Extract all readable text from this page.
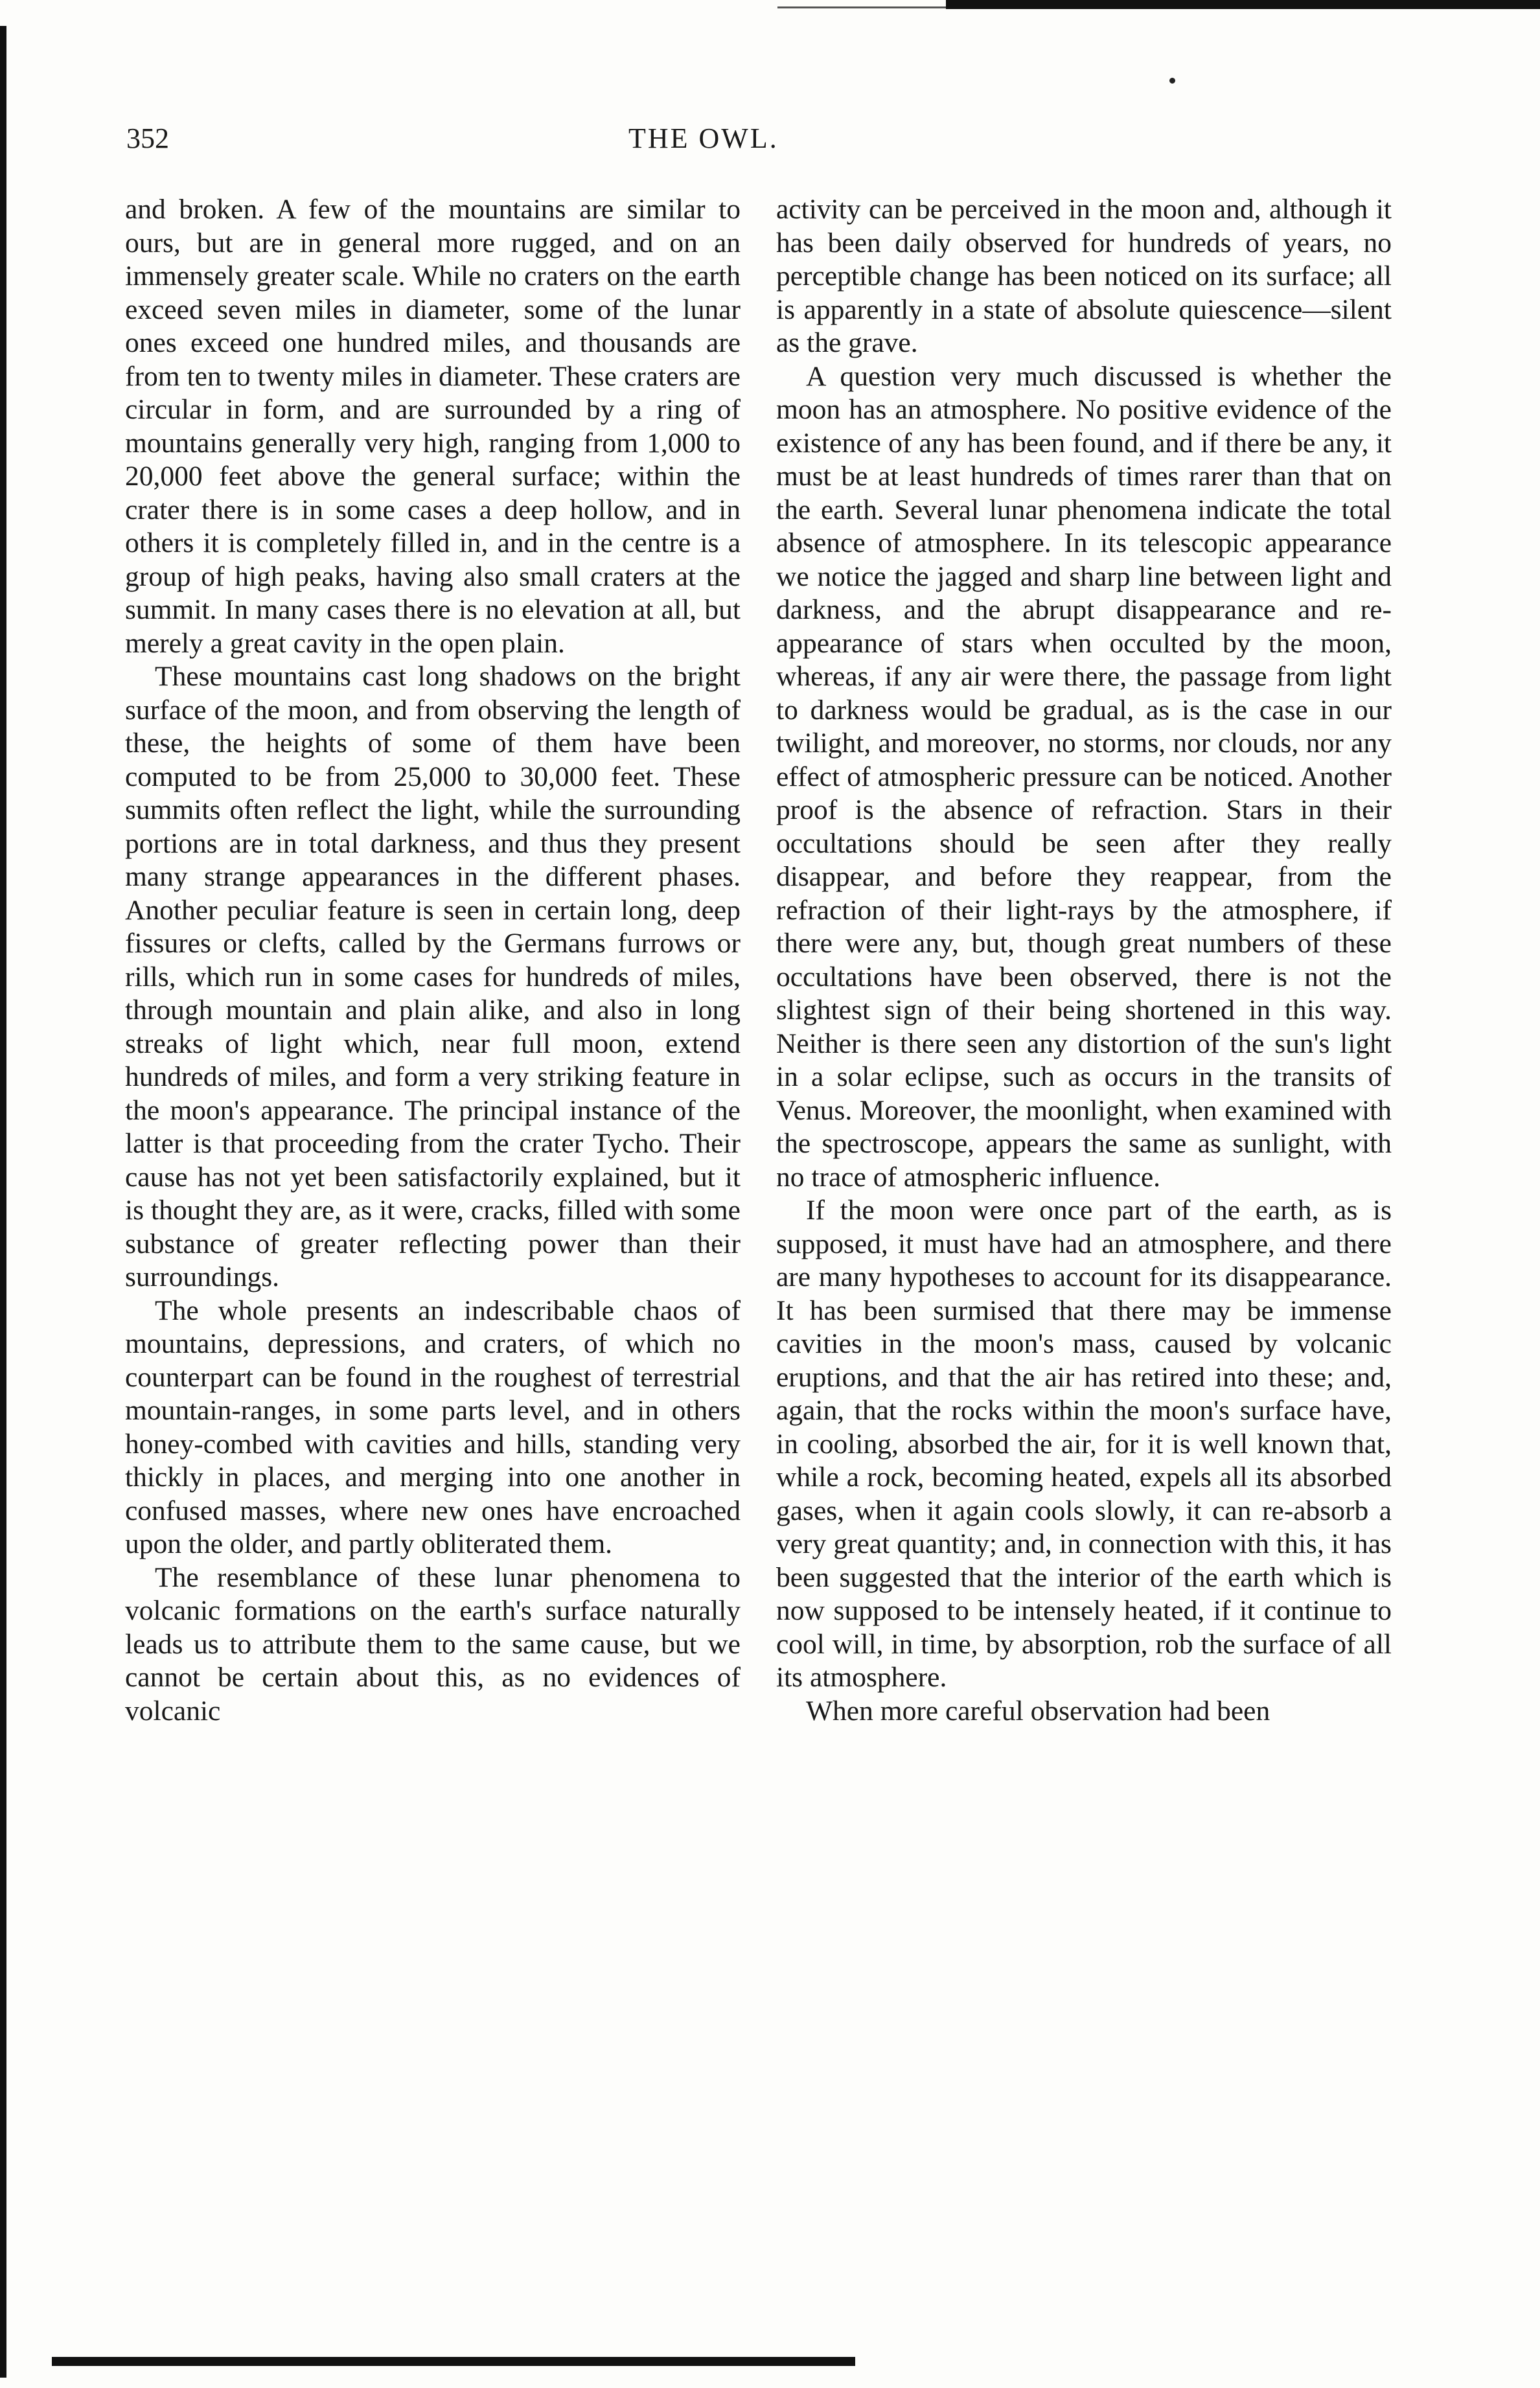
352	THE OWL.

and broken. A few of the mountains are similar to ours, but are in general more rugged, and on an immensely greater scale. While no craters on the earth exceed seven miles in diameter, some of the lunar ones exceed one hundred miles, and thousands are from ten to twenty miles in diameter. These craters are circular in form, and are surrounded by a ring of mountains generally very high, ranging from 1,000 to 20,000 feet above the general surface; within the crater there is in some cases a deep hollow, and in others it is completely filled in, and in the centre is a group of high peaks, having also small craters at the summit. In many cases there is no elevation at all, but merely a great cavity in the open plain.

These mountains cast long shadows on the bright surface of the moon, and from observing the length of these, the heights of some of them have been computed to be from 25,000 to 30,000 feet. These summits often reflect the light, while the surrounding portions are in total darkness, and thus they present many strange appearances in the different phases. Another peculiar feature is seen in certain long, deep fissures or clefts, called by the Germans furrows or rills, which run in some cases for hundreds of miles, through mountain and plain alike, and also in long streaks of light which, near full moon, extend hundreds of miles, and form a very striking feature in the moon's appearance. The principal instance of the latter is that proceeding from the crater Tycho. Their cause has not yet been satisfactorily explained, but it is thought they are, as it were, cracks, filled with some substance of greater reflecting power than their surroundings.

The whole presents an indescribable chaos of mountains, depressions, and craters, of which no counterpart can be found in the roughest of terrestrial mountain-ranges, in some parts level, and in others honey-combed with cavities and hills, standing very thickly in places, and merging into one another in confused masses, where new ones have encroached upon the older, and partly obliterated them.

The resemblance of these lunar phenomena to volcanic formations on the earth's surface naturally leads us to attribute them to the same cause, but we cannot be certain about this, as no evidences of volcanic

activity can be perceived in the moon and, although it has been daily observed for hundreds of years, no perceptible change has been noticed on its surface; all is apparently in a state of absolute quiescence—silent as the grave.

A question very much discussed is whether the moon has an atmosphere. No positive evidence of the existence of any has been found, and if there be any, it must be at least hundreds of times rarer than that on the earth. Several lunar phenomena indicate the total absence of atmosphere. In its telescopic appearance we notice the jagged and sharp line between light and darkness, and the abrupt disappearance and re-appearance of stars when occulted by the moon, whereas, if any air were there, the passage from light to darkness would be gradual, as is the case in our twilight, and moreover, no storms, nor clouds, nor any effect of atmospheric pressure can be noticed. Another proof is the absence of refraction. Stars in their occultations should be seen after they really disappear, and before they reappear, from the refraction of their light-rays by the atmosphere, if there were any, but, though great numbers of these occultations have been observed, there is not the slightest sign of their being shortened in this way. Neither is there seen any distortion of the sun's light in a solar eclipse, such as occurs in the transits of Venus. Moreover, the moonlight, when examined with the spectroscope, appears the same as sunlight, with no trace of atmospheric influence.

If the moon were once part of the earth, as is supposed, it must have had an atmosphere, and there are many hypotheses to account for its disappearance. It has been surmised that there may be immense cavities in the moon's mass, caused by volcanic eruptions, and that the air has retired into these; and, again, that the rocks within the moon's surface have, in cooling, absorbed the air, for it is well known that, while a rock, becoming heated, expels all its absorbed gases, when it again cools slowly, it can re-absorb a very great quantity; and, in connection with this, it has been suggested that the interior of the earth which is now supposed to be intensely heated, if it continue to cool will, in time, by absorption, rob the surface of all its atmosphere.

When more careful observation had been
